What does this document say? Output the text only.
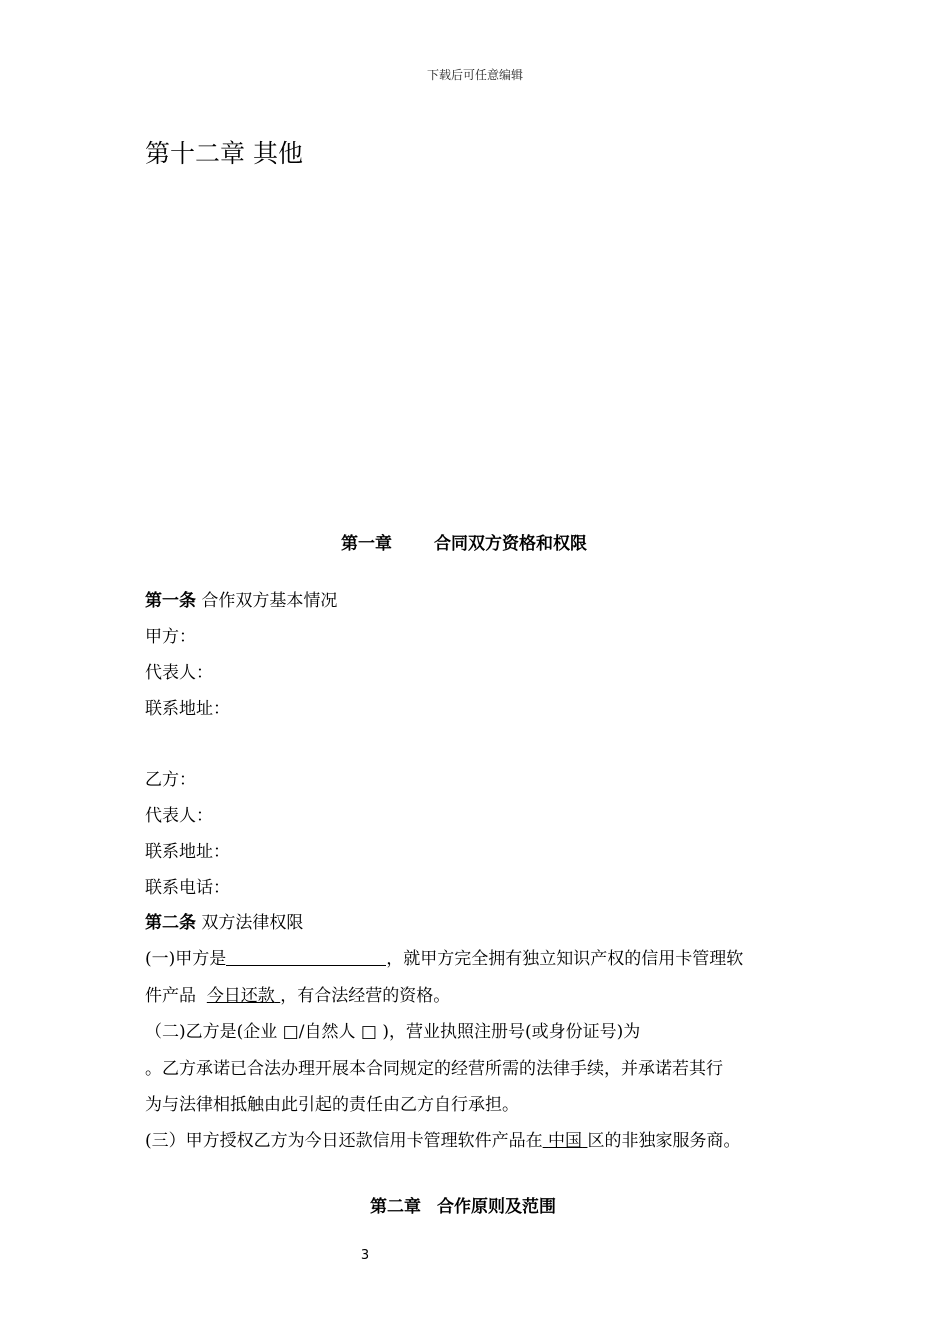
下载后可任意编辑
第十二章 其他
第一章 合同双方资格和权限
第一条 合作双方基本情况
甲方：
代表人：
联系地址：
乙方：
代表人：
联系地址：
联系电话：
第二条 双方法律权限
(一)甲方是	，就甲方完全拥有独立知识产权的信用卡管理软
件产品 今日还款 ，有合法经营的资格。
（二)乙方是(企业 □/自然人 □ )，营业执照注册号(或身份证号)为
。乙方承诺已合法办理开展本合同规定的经营所需的法律手续，并承诺若其行
为与法律相抵触由此引起的责任由乙方自行承担。
(三）甲方授权乙方为今日还款信用卡管理软件产品在 中国 区的非独家服务商。
第二章 合作原则及范围
3
